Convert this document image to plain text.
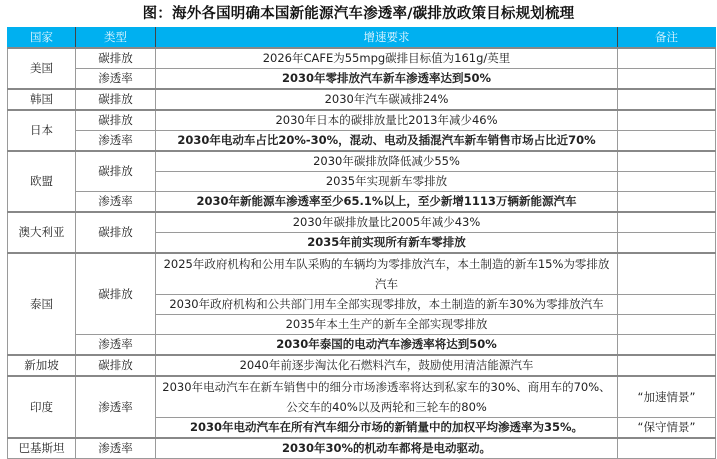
图：海外各国明确本国新能源汽车渗透率/碳排放政策目标规划梳理
国家	类型	增速要求	备注
美国	碳排放	2026年CAFE为55mpg碳排目标值为161g/英里	
	渗透率	2030年零排放汽车新车渗透率达到50%	
韩国	碳排放	2030年汽车碳减排24%	
日本	碳排放	2030年日本的碳排放量比2013年减少46%	
	渗透率	2030年电动车占比20%-30%，混动、电动及插混汽车新车销售市场占比近70%	
欧盟	碳排放	2030年碳排放降低减少55%	
		2035年实现新车零排放	
	渗透率	2030年新能源车渗透率至少65.1%以上，至少新增1113万辆新能源汽车	
澳大利亚	碳排放	2030年碳排放量比2005年减少43%	
		2035年前实现所有新车零排放	
泰国	碳排放	2025年政府机构和公用车队采购的车辆均为零排放汽车，本土制造的新车15%为零排放汽车	
		2030年政府机构和公共部门用车全部实现零排放，本土制造的新车30%为零排放汽车	
		2035年本土生产的新车全部实现零排放	
	渗透率	2030年泰国的电动汽车渗透率将达到50%	
新加坡	碳排放	2040年前逐步淘汰化石燃料汽车，鼓励使用清洁能源汽车	
印度	渗透率	2030年电动汽车在新车销售中的细分市场渗透率将达到私家车的30%、商用车的70%、公交车的40%以及两轮和三轮车的80%	“加速情景”
		2030年电动汽车在所有汽车细分市场的新销量中的加权平均渗透率为35%。	“保守情景”
巴基斯坦	渗透率	2030年30%的机动车都将是电动驱动。	
